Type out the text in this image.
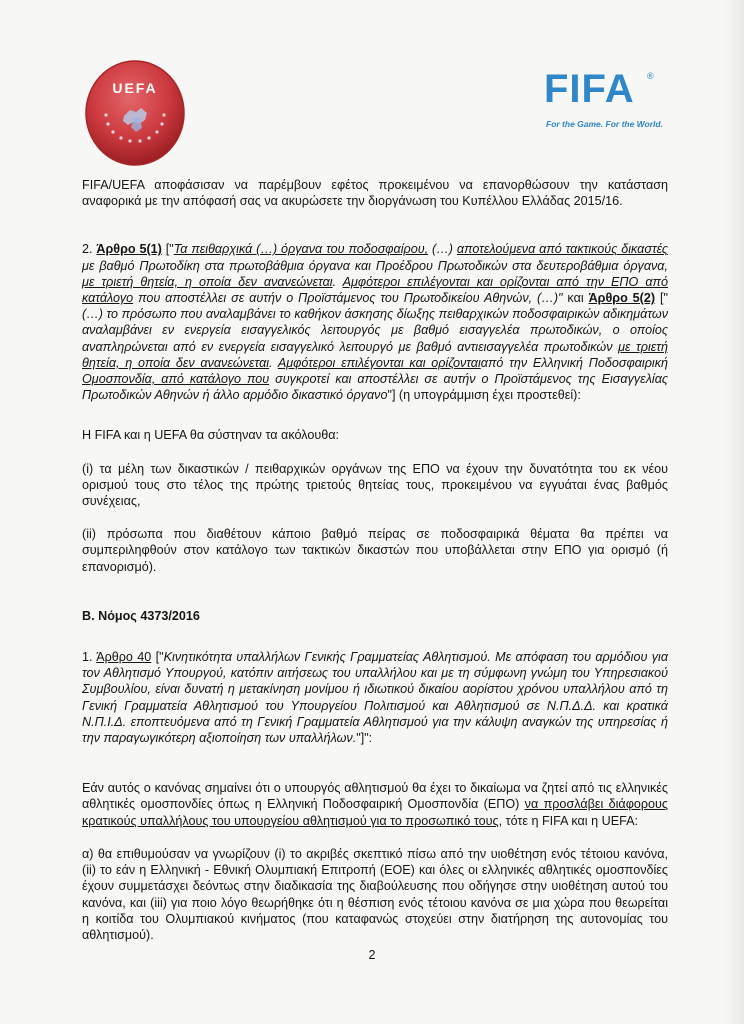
UEFA	FIFA ®
For the Game. For the World.

FIFA/UEFA αποφάσισαν να παρέμβουν εφέτος προκειμένου να επανορθώσουν την κατάσταση αναφορικά με την απόφασή σας να ακυρώσετε την διοργάνωση του Κυπέλλου Ελλάδας 2015/16.

2. Άρθρο 5(1) ["Τα πειθαρχικά (…) όργανα του ποδοσφαίρου, (…) αποτελούμενα από τακτικούς δικαστές με βαθμό Πρωτοδίκη στα πρωτοβάθμια όργανα και Προέδρου Πρωτοδικών στα δευτεροβάθμια όργανα, με τριετή θητεία, η οποία δεν ανανεώνεται. Αμφότεροι επιλέγονται και ορίζονται από την ΕΠΟ από κατάλογο που αποστέλλει σε αυτήν ο Προϊστάμενος του Πρωτοδικείου Αθηνών, (…)" και Άρθρο 5(2) ["(…) το πρόσωπο που αναλαμβάνει το καθήκον άσκησης δίωξης πειθαρχικών ποδοσφαιρικών αδικημάτων αναλαμβάνει εν ενεργεία εισαγγελικός λειτουργός με βαθμό εισαγγελέα πρωτοδικών, ο οποίος αναπληρώνεται από εν ενεργεία εισαγγελικό λειτουργό με βαθμό αντιεισαγγελέα πρωτοδικών με τριετή θητεία, η οποία δεν ανανεώνεται. Αμφότεροι επιλέγονται και ορίζονταιαπό την Ελληνική Ποδοσφαιρική Ομοσπονδία, από κατάλογο που συγκροτεί και αποστέλλει σε αυτήν ο Προϊστάμενος της Εισαγγελίας Πρωτοδικών Αθηνών ή άλλο αρμόδιο δικαστικό όργανο"] (η υπογράμμιση έχει προστεθεί):

Η FIFA και η UEFA θα σύστηναν τα ακόλουθα:

(i) τα μέλη των δικαστικών / πειθαρχικών οργάνων της ΕΠΟ να έχουν την δυνατότητα του εκ νέου ορισμού τους στο τέλος της πρώτης τριετούς θητείας τους, προκειμένου να εγγυάται ένας βαθμός συνέχειας,

(ii) πρόσωπα που διαθέτουν κάποιο βαθμό πείρας σε ποδοσφαιρικά θέματα θα πρέπει να συμπεριληφθούν στον κατάλογο των τακτικών δικαστών που υποβάλλεται στην ΕΠΟ για ορισμό (ή επανορισμό).

Β. Νόμος 4373/2016

1. Άρθρο 40 ["Κινητικότητα υπαλλήλων Γενικής Γραμματείας Αθλητισμού. Με απόφαση του αρμόδιου για τον Αθλητισμό Υπουργού, κατόπιν αιτήσεως του υπαλλήλου και με τη σύμφωνη γνώμη του Υπηρεσιακού Συμβουλίου, είναι δυνατή η μετακίνηση μονίμου ή ιδιωτικού δικαίου αορίστου χρόνου υπαλλήλου από τη Γενική Γραμματεία Αθλητισμού του Υπουργείου Πολιτισμού και Αθλητισμού σε Ν.Π.Δ.Δ. και κρατικά Ν.Π.Ι.Δ. εποπτευόμενα από τη Γενική Γραμματεία Αθλητισμού για την κάλυψη αναγκών της υπηρεσίας ή την παραγωγικότερη αξιοποίηση των υπαλλήλων."]":

Εάν αυτός ο κανόνας σημαίνει ότι ο υπουργός αθλητισμού θα έχει το δικαίωμα να ζητεί από τις ελληνικές αθλητικές ομοσπονδίες όπως η Ελληνική Ποδοσφαιρική Ομοσπονδία (ΕΠΟ) να προσλάβει διάφορους κρατικούς υπαλλήλους του υπουργείου αθλητισμού για το προσωπικό τους, τότε η FIFA και η UEFA:

α) θα επιθυμούσαν να γνωρίζουν (i) το ακριβές σκεπτικό πίσω από την υιοθέτηση ενός τέτοιου κανόνα, (ii) το εάν η Ελληνική - Εθνική Ολυμπιακή Επιτροπή (ΕΟΕ) και όλες οι ελληνικές αθλητικές ομοσπονδίες έχουν συμμετάσχει δεόντως στην διαδικασία της διαβούλευσης που οδήγησε στην υιοθέτηση αυτού του κανόνα, και (iii) για ποιο λόγο θεωρήθηκε ότι η θέσπιση ενός τέτοιου κανόνα σε μια χώρα που θεωρείται η κοιτίδα του Ολυμπιακού κινήματος (που καταφανώς στοχεύει στην διατήρηση της αυτονομίας του αθλητισμού).

2
